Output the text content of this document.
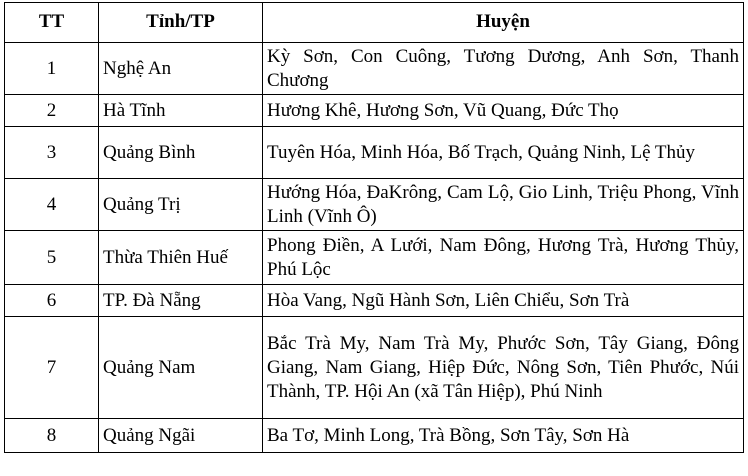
TT	Tỉnh/TP	Huyện
1	Nghệ An	Kỳ Sơn, Con Cuông, Tương Dương, Anh Sơn, Thanh Chương
2	Hà Tĩnh	Hương Khê, Hương Sơn, Vũ Quang, Đức Thọ
3	Quảng Bình	Tuyên Hóa, Minh Hóa, Bố Trạch, Quảng Ninh, Lệ Thủy
4	Quảng Trị	Hướng Hóa, ĐaKrông, Cam Lộ, Gio Linh, Triệu Phong, Vĩnh Linh (Vĩnh Ô)
5	Thừa Thiên Huế	Phong Điền, A Lưới, Nam Đông, Hương Trà, Hương Thủy, Phú Lộc
6	TP. Đà Nẵng	Hòa Vang, Ngũ Hành Sơn, Liên Chiểu, Sơn Trà
7	Quảng Nam	Bắc Trà My, Nam Trà My, Phước Sơn, Tây Giang, Đông Giang, Nam Giang, Hiệp Đức, Nông Sơn, Tiên Phước, Núi Thành, TP. Hội An (xã Tân Hiệp), Phú Ninh
8	Quảng Ngãi	Ba Tơ, Minh Long, Trà Bồng, Sơn Tây, Sơn Hà
